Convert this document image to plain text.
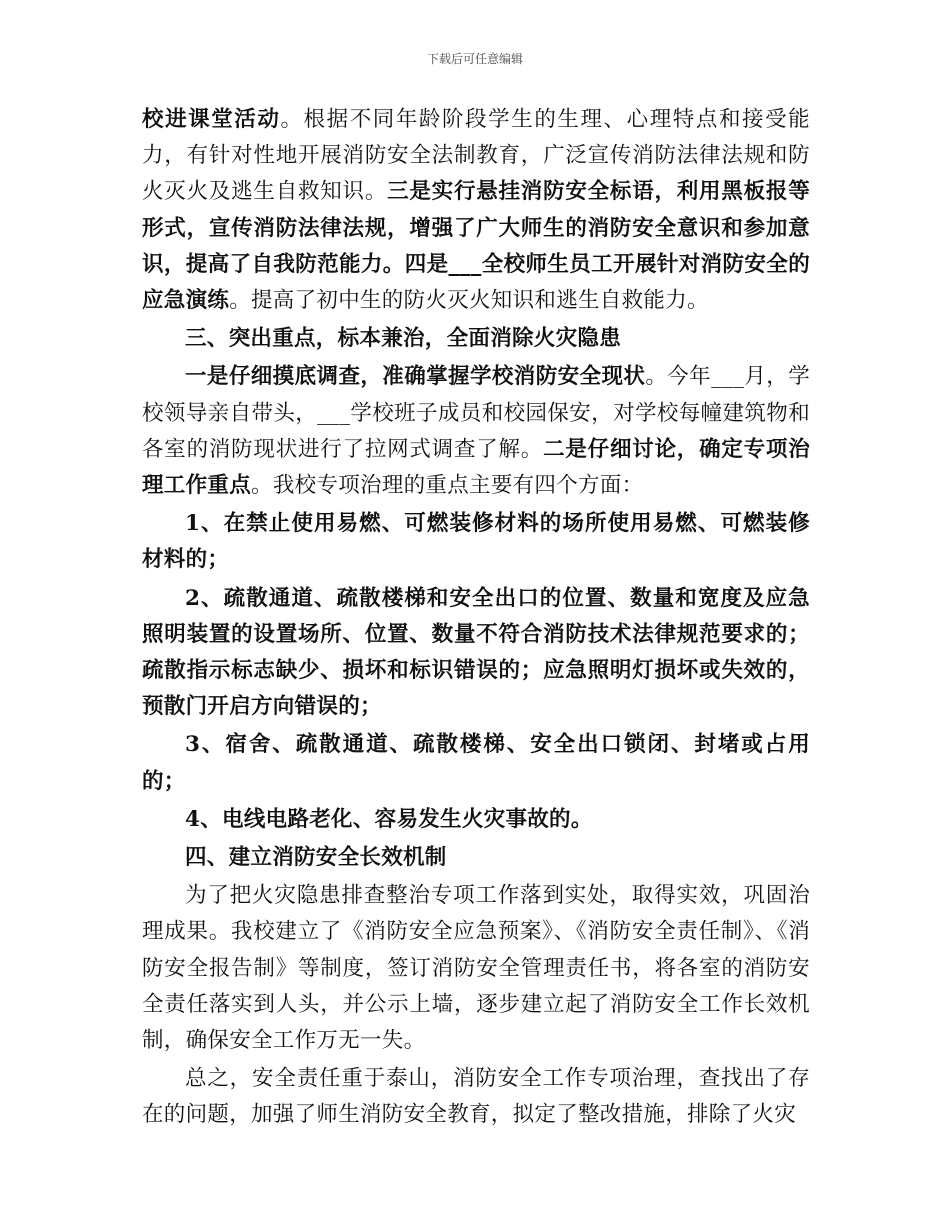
下载后可任意编辑

校进课堂活动。根据不同年龄阶段学生的生理、心理特点和接受能力，有针对性地开展消防安全法制教育，广泛宣传消防法律法规和防火灭火及逃生自救知识。三是实行悬挂消防安全标语，利用黑板报等形式，宣传消防法律法规，增强了广大师生的消防安全意识和参加意识，提高了自我防范能力。四是___全校师生员工开展针对消防安全的应急演练。提高了初中生的防火灭火知识和逃生自救能力。

三、突出重点，标本兼治，全面消除火灾隐患

一是仔细摸底调查，准确掌握学校消防安全现状。今年___月，学校领导亲自带头，___学校班子成员和校园保安，对学校每幢建筑物和各室的消防现状进行了拉网式调查了解。二是仔细讨论，确定专项治理工作重点。我校专项治理的重点主要有四个方面：

1、在禁止使用易燃、可燃装修材料的场所使用易燃、可燃装修材料的；

2、疏散通道、疏散楼梯和安全出口的位置、数量和宽度及应急照明装置的设置场所、位置、数量不符合消防技术法律规范要求的；疏散指示标志缺少、损坏和标识错误的；应急照明灯损坏或失效的，预散门开启方向错误的；

3、宿舍、疏散通道、疏散楼梯、安全出口锁闭、封堵或占用的；

4、电线电路老化、容易发生火灾事故的。

四、建立消防安全长效机制

为了把火灾隐患排查整治专项工作落到实处，取得实效，巩固治理成果。我校建立了《消防安全应急预案》、《消防安全责任制》、《消防安全报告制》等制度，签订消防安全管理责任书，将各室的消防安全责任落实到人头，并公示上墙，逐步建立起了消防安全工作长效机制，确保安全工作万无一失。

总之，安全责任重于泰山，消防安全工作专项治理，查找出了存在的问题，加强了师生消防安全教育，拟定了整改措施，排除了火灾
